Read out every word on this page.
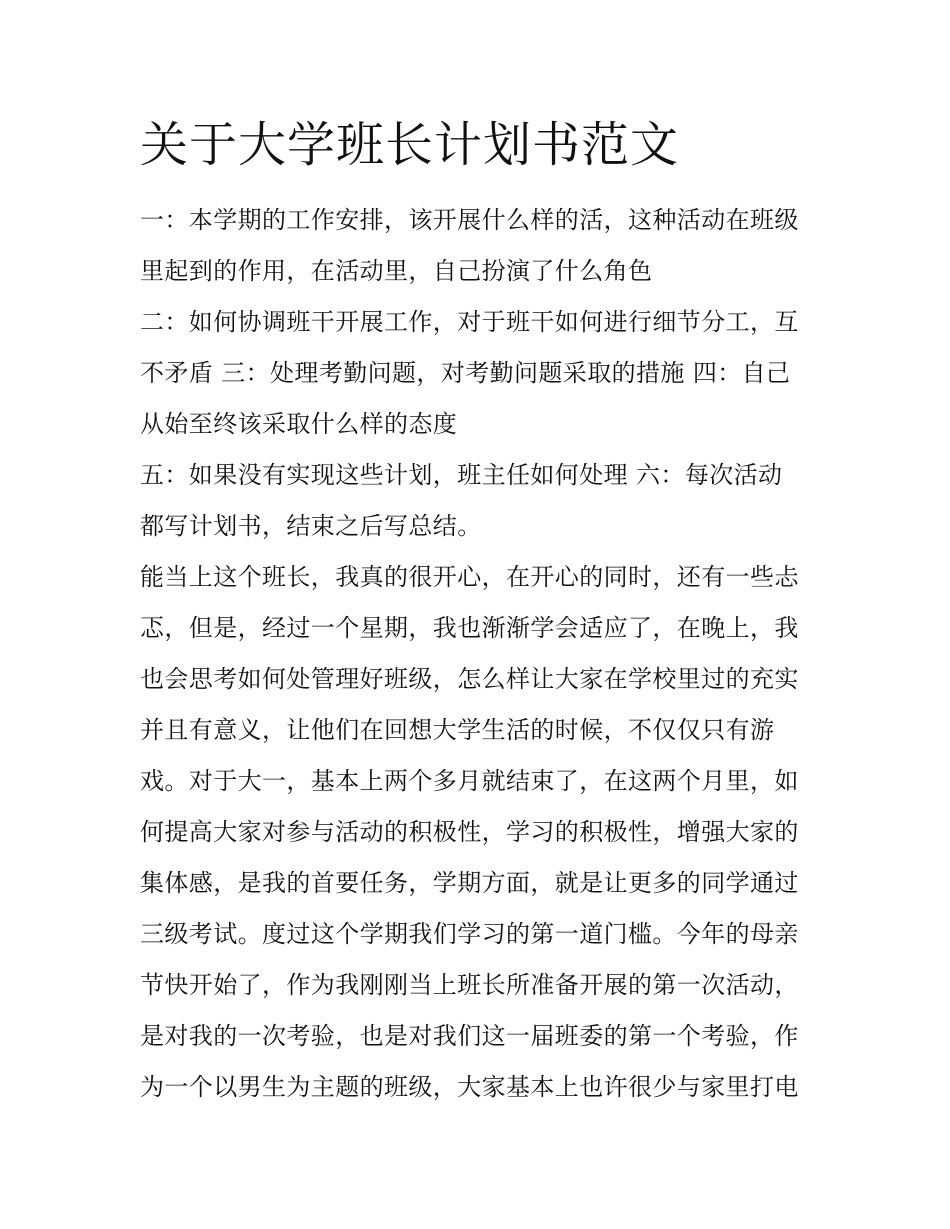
关于大学班长计划书范文

一：本学期的工作安排，该开展什么样的活，这种活动在班级

里起到的作用，在活动里，自己扮演了什么角色

二：如何协调班干开展工作，对于班干如何进行细节分工，互

不矛盾 三：处理考勤问题，对考勤问题采取的措施 四：自己

从始至终该采取什么样的态度

五：如果没有实现这些计划，班主任如何处理 六：每次活动

都写计划书，结束之后写总结。

能当上这个班长，我真的很开心，在开心的同时，还有一些忐

忑，但是，经过一个星期，我也渐渐学会适应了，在晚上，我

也会思考如何处管理好班级，怎么样让大家在学校里过的充实

并且有意义，让他们在回想大学生活的时候，不仅仅只有游

戏。对于大一，基本上两个多月就结束了，在这两个月里，如

何提高大家对参与活动的积极性，学习的积极性，增强大家的

集体感，是我的首要任务，学期方面，就是让更多的同学通过

三级考试。度过这个学期我们学习的第一道门槛。今年的母亲

节快开始了，作为我刚刚当上班长所准备开展的第一次活动，

是对我的一次考验，也是对我们这一届班委的第一个考验，作

为一个以男生为主题的班级，大家基本上也许很少与家里打电
